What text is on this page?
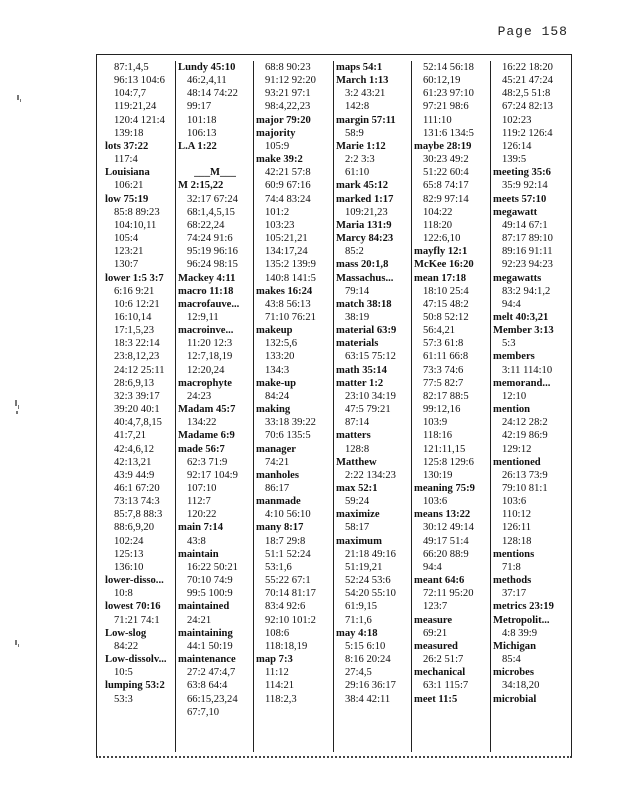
Page 158
87:1,4,5
96:13 104:6
104:7,7
119:21,24
120:4 121:4
139:18
lots 37:22
117:4
Louisiana
106:21
low 75:19
85:8 89:23
104:10,11
105:4
123:21
130:7
lower 1:5 3:7
6:16 9:21
10:6 12:21
16:10,14
17:1,5,23
18:3 22:14
23:8,12,23
24:12 25:11
28:6,9,13
32:3 39:17
39:20 40:1
40:4,7,8,15
41:7,21
42:4,6,12
42:13,21
43:9 44:9
46:1 67:20
73:13 74:3
85:7,8 88:3
88:6,9,20
102:24
125:13
136:10
lower-disso...
10:8
lowest 70:16
71:21 74:1
Low-slog
84:22
Low-dissolv...
10:5
lumping 53:2
53:3
Lundy 45:10
46:2,4,11
48:14 74:22
99:17
101:18
106:13
L.A 1:22

___M___
M 2:15,22
32:17 67:24
68:1,4,5,15
68:22,24
74:24 91:6
95:19 96:16
96:24 98:15
Mackey 4:11
macro 11:18
macrofauve...
12:9,11
macroinve...
11:20 12:3
12:7,18,19
12:20,24
macrophyte
24:23
Madam 45:7
134:22
Madame 6:9
made 56:7
62:3 71:9
92:17 104:9
107:10
112:7
120:22
main 7:14
43:8
maintain
16:22 50:21
70:10 74:9
99:5 100:9
maintained
24:21
maintaining
44:1 50:19
maintenance
27:2 47:4,7
63:8 64:4
66:15,23,24
67:7,10
68:8 90:23
91:12 92:20
93:21 97:1
98:4,22,23
major 79:20
majority
105:9
make 39:2
42:21 57:8
60:9 67:16
74:4 83:24
101:2
103:23
105:21,21
134:17,24
135:2 139:9
140:8 141:5
makes 16:24
43:8 56:13
71:10 76:21
makeup
132:5,6
133:20
134:3
make-up
84:24
making
33:18 39:22
70:6 135:5
manager
74:21
manholes
86:17
manmade
4:10 56:10
many 8:17
18:7 29:8
51:1 52:24
53:1,6
55:22 67:1
70:14 81:17
83:4 92:6
92:10 101:2
108:6
118:18,19
map 7:3
11:12
114:21
118:2,3
maps 54:1
March 1:13
3:2 43:21
142:8
margin 57:11
58:9
Marie 1:12
2:2 3:3
61:10
mark 45:12
marked 1:17
109:21,23
Maria 131:9
Marcy 84:23
85:2
mass 20:1,8
Massachus...
79:14
match 38:18
38:19
material 63:9
materials
63:15 75:12
math 35:14
matter 1:2
23:10 34:19
47:5 79:21
87:14
matters
128:8
Matthew
2:22 134:23
max 52:1
59:24
maximize
58:17
maximum
21:18 49:16
51:19,21
52:24 53:6
54:20 55:10
61:9,15
71:1,6
may 4:18
5:15 6:10
8:16 20:24
27:4,5
29:16 36:17
38:4 42:11
52:14 56:18
60:12,19
61:23 97:10
97:21 98:6
111:10
131:6 134:5
maybe 28:19
30:23 49:2
51:22 60:4
65:8 74:17
82:9 97:14
104:22
118:20
122:6,10
mayfly 12:1
McKee 16:20
mean 17:18
18:10 25:4
47:15 48:2
50:8 52:12
56:4,21
57:3 61:8
61:11 66:8
73:3 74:6
77:5 82:7
82:17 88:5
99:12,16
103:9
118:16
121:11,15
125:8 129:6
130:19
meaning 75:9
103:6
means 13:22
30:12 49:14
49:17 51:4
66:20 88:9
94:4
meant 64:6
72:11 95:20
123:7
measure
69:21
measured
26:2 51:7
mechanical
63:1 115:7
meet 11:5
16:22 18:20
45:21 47:24
48:2,5 51:8
67:24 82:13
102:23
119:2 126:4
126:14
139:5
meeting 35:6
35:9 92:14
meets 57:10
megawatt
49:14 67:1
87:17 89:10
89:16 91:11
92:23 94:23
megawatts
83:2 94:1,2
94:4
melt 40:3,21
Member 3:13
5:3
members
3:11 114:10
memorand...
12:10
mention
24:12 28:2
42:19 86:9
129:12
mentioned
26:13 73:9
79:10 81:1
103:6
110:12
126:11
128:18
mentions
71:8
methods
37:17
metrics 23:19
Metropolit...
4:8 39:9
Michigan
85:4
microbes
34:18,20
microbial
